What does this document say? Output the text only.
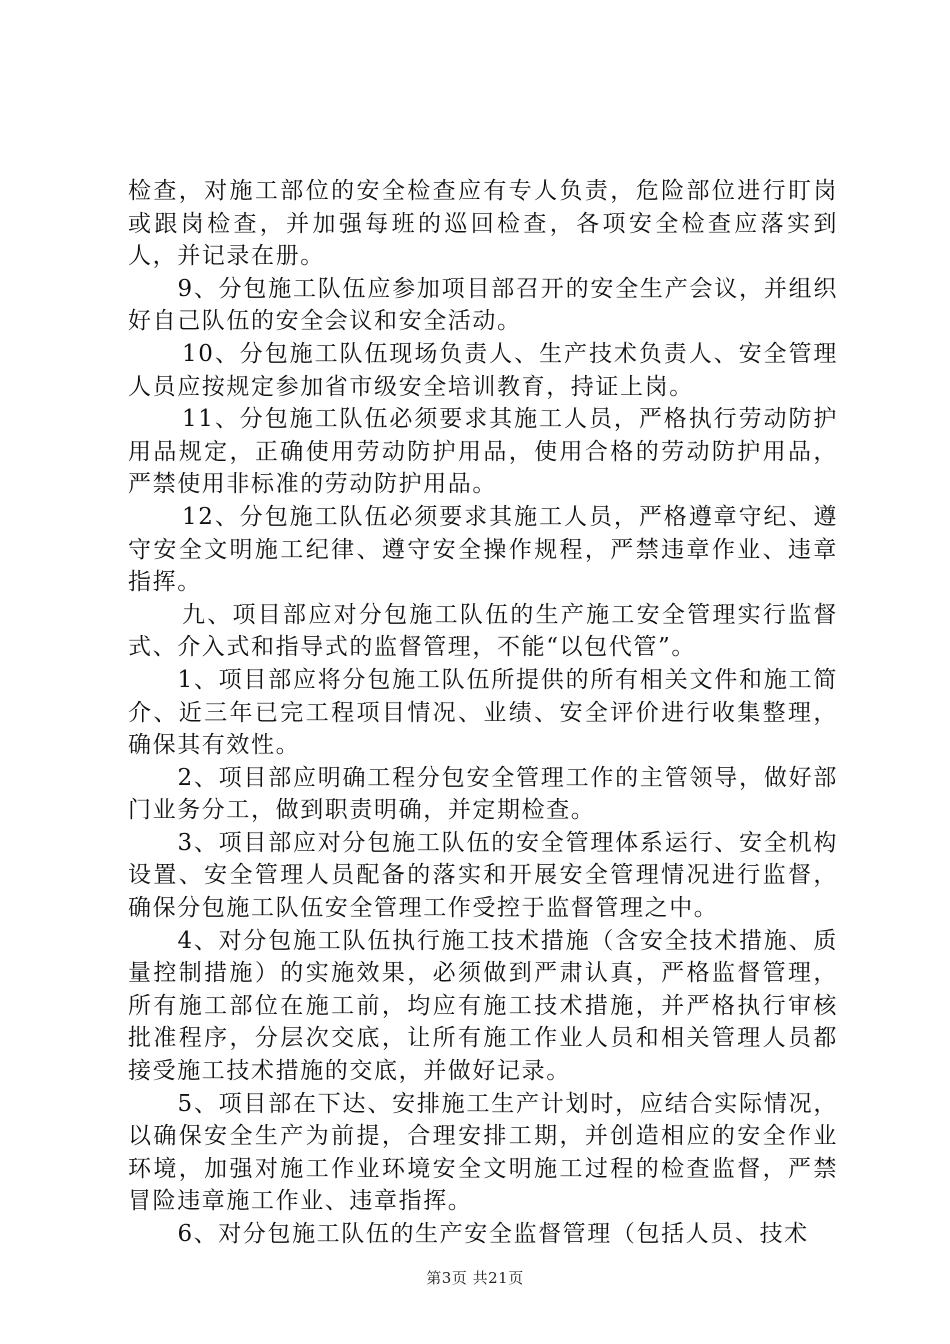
检查，对施工部位的安全检查应有专人负责，危险部位进行盯岗或跟岗检查，并加强每班的巡回检查，各项安全检查应落实到人，并记录在册。

9、分包施工队伍应参加项目部召开的安全生产会议，并组织好自己队伍的安全会议和安全活动。

10、分包施工队伍现场负责人、生产技术负责人、安全管理人员应按规定参加省市级安全培训教育，持证上岗。

11、分包施工队伍必须要求其施工人员，严格执行劳动防护用品规定，正确使用劳动防护用品，使用合格的劳动防护用品，严禁使用非标准的劳动防护用品。

12、分包施工队伍必须要求其施工人员，严格遵章守纪、遵守安全文明施工纪律、遵守安全操作规程，严禁违章作业、违章指挥。

九、项目部应对分包施工队伍的生产施工安全管理实行监督式、介入式和指导式的监督管理，不能“以包代管”。

1、项目部应将分包施工队伍所提供的所有相关文件和施工简介、近三年已完工程项目情况、业绩、安全评价进行收集整理，确保其有效性。

2、项目部应明确工程分包安全管理工作的主管领导，做好部门业务分工，做到职责明确，并定期检查。

3、项目部应对分包施工队伍的安全管理体系运行、安全机构设置、安全管理人员配备的落实和开展安全管理情况进行监督，确保分包施工队伍安全管理工作受控于监督管理之中。

4、对分包施工队伍执行施工技术措施（含安全技术措施、质量控制措施）的实施效果，必须做到严肃认真，严格监督管理，所有施工部位在施工前，均应有施工技术措施，并严格执行审核批准程序，分层次交底，让所有施工作业人员和相关管理人员都接受施工技术措施的交底，并做好记录。

5、项目部在下达、安排施工生产计划时，应结合实际情况，以确保安全生产为前提，合理安排工期，并创造相应的安全作业环境，加强对施工作业环境安全文明施工过程的检查监督，严禁冒险违章施工作业、违章指挥。

6、对分包施工队伍的生产安全监督管理（包括人员、技术

第3页 共21页
